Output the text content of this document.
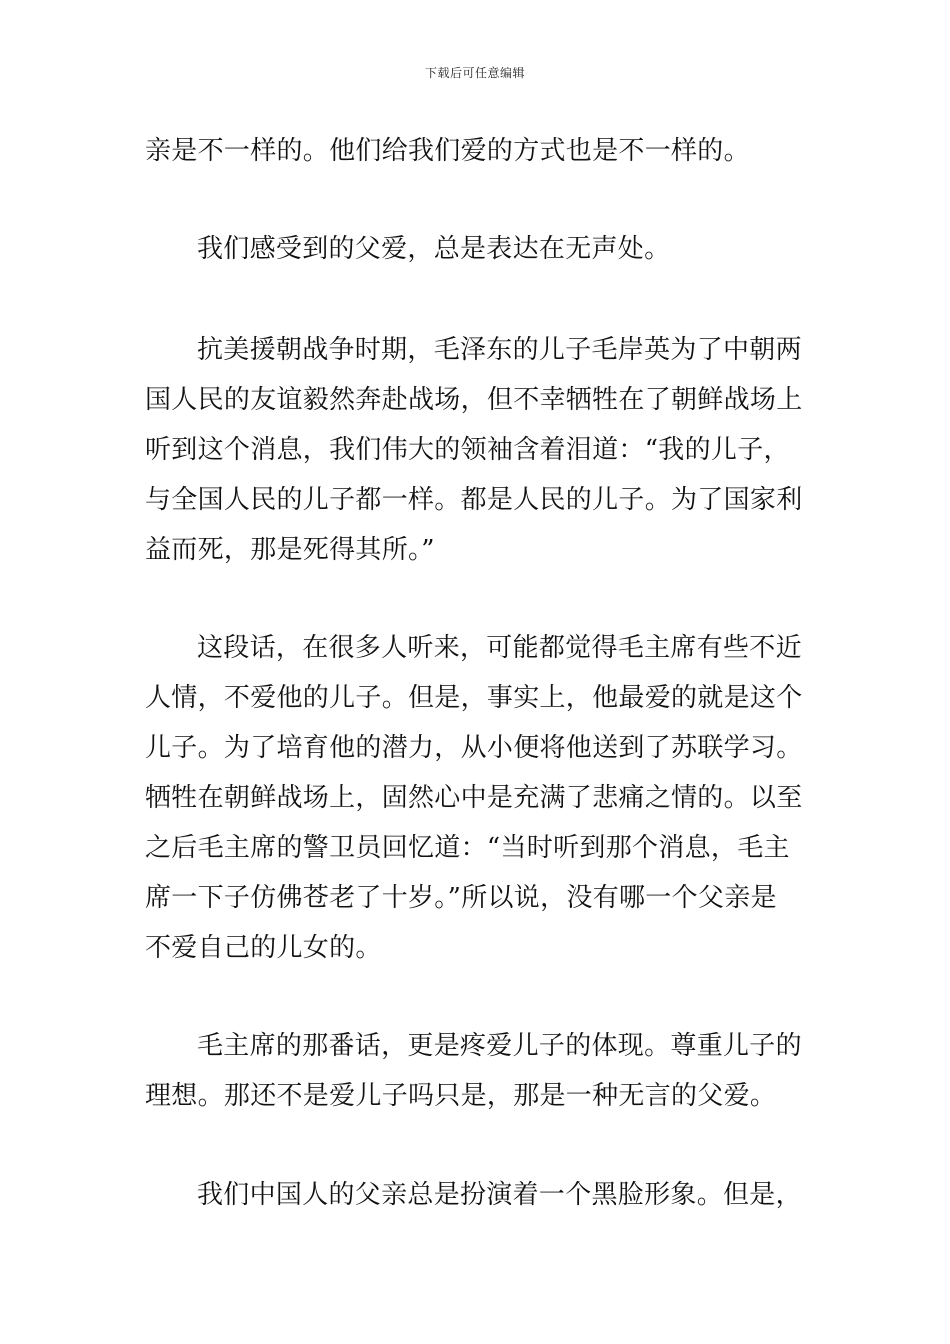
下载后可任意编辑
亲是不一样的。他们给我们爱的方式也是不一样的。
我们感受到的父爱，总是表达在无声处。
抗美援朝战争时期，毛泽东的儿子毛岸英为了中朝两
国人民的友谊毅然奔赴战场，但不幸牺牲在了朝鲜战场上
听到这个消息，我们伟大的领袖含着泪道：“我的儿子，
与全国人民的儿子都一样。都是人民的儿子。为了国家利
益而死，那是死得其所。”
这段话，在很多人听来，可能都觉得毛主席有些不近
人情，不爱他的儿子。但是，事实上，他最爱的就是这个
儿子。为了培育他的潜力，从小便将他送到了苏联学习。
牺牲在朝鲜战场上，固然心中是充满了悲痛之情的。以至
之后毛主席的警卫员回忆道：“当时听到那个消息，毛主
席一下子仿佛苍老了十岁。”所以说，没有哪一个父亲是
不爱自己的儿女的。
毛主席的那番话，更是疼爱儿子的体现。尊重儿子的
理想。那还不是爱儿子吗只是，那是一种无言的父爱。
我们中国人的父亲总是扮演着一个黑脸形象。但是，
